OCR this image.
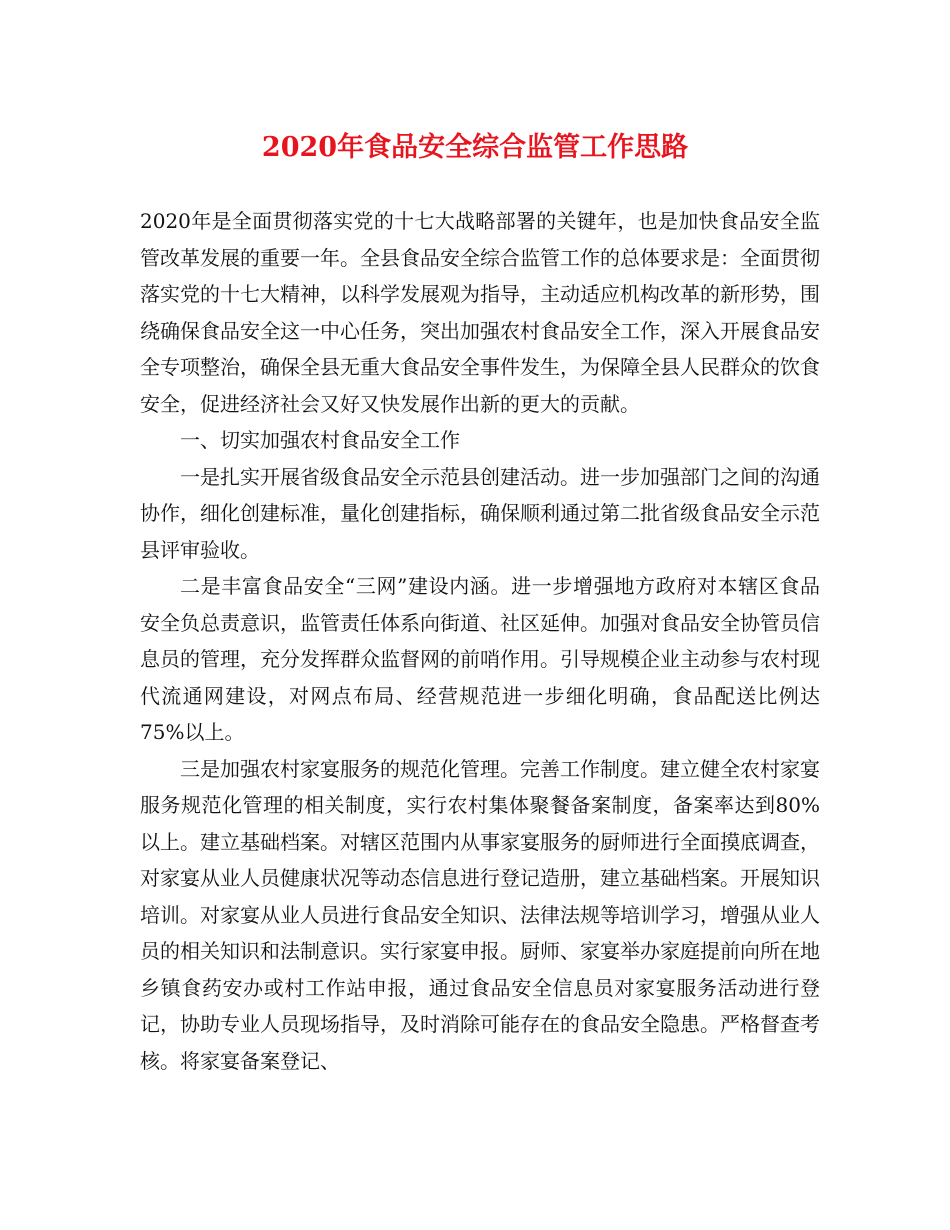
2020年食品安全综合监管工作思路

2020年是全面贯彻落实党的十七大战略部署的关键年，也是加快食品安全监管改革发展的重要一年。全县食品安全综合监管工作的总体要求是：全面贯彻落实党的十七大精神，以科学发展观为指导，主动适应机构改革的新形势，围绕确保食品安全这一中心任务，突出加强农村食品安全工作，深入开展食品安全专项整治，确保全县无重大食品安全事件发生，为保障全县人民群众的饮食安全，促进经济社会又好又快发展作出新的更大的贡献。

一、切实加强农村食品安全工作

一是扎实开展省级食品安全示范县创建活动。进一步加强部门之间的沟通协作，细化创建标准，量化创建指标，确保顺利通过第二批省级食品安全示范县评审验收。

二是丰富食品安全“三网”建设内涵。进一步增强地方政府对本辖区食品安全负总责意识，监管责任体系向街道、社区延伸。加强对食品安全协管员信息员的管理，充分发挥群众监督网的前哨作用。引导规模企业主动参与农村现代流通网建设，对网点布局、经营规范进一步细化明确，食品配送比例达75%以上。

三是加强农村家宴服务的规范化管理。完善工作制度。建立健全农村家宴服务规范化管理的相关制度，实行农村集体聚餐备案制度，备案率达到80%以上。建立基础档案。对辖区范围内从事家宴服务的厨师进行全面摸底调查，对家宴从业人员健康状况等动态信息进行登记造册，建立基础档案。开展知识培训。对家宴从业人员进行食品安全知识、法律法规等培训学习，增强从业人员的相关知识和法制意识。实行家宴申报。厨师、家宴举办家庭提前向所在地乡镇食药安办或村工作站申报，通过食品安全信息员对家宴服务活动进行登记，协助专业人员现场指导，及时消除可能存在的食品安全隐患。严格督查考核。将家宴备案登记、
